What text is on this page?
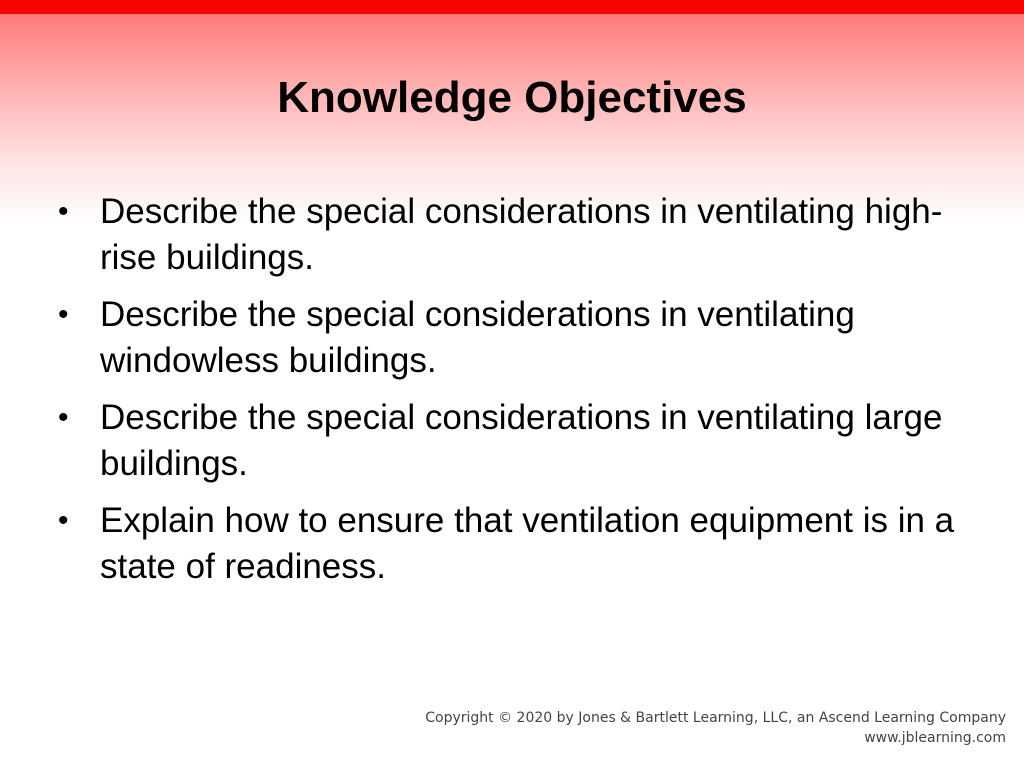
Knowledge Objectives
• Describe the special considerations in ventilating high-rise buildings.
• Describe the special considerations in ventilating windowless buildings.
• Describe the special considerations in ventilating large buildings.
• Explain how to ensure that ventilation equipment is in a state of readiness.
Copyright © 2020 by Jones & Bartlett Learning, LLC, an Ascend Learning Company
www.jblearning.com
